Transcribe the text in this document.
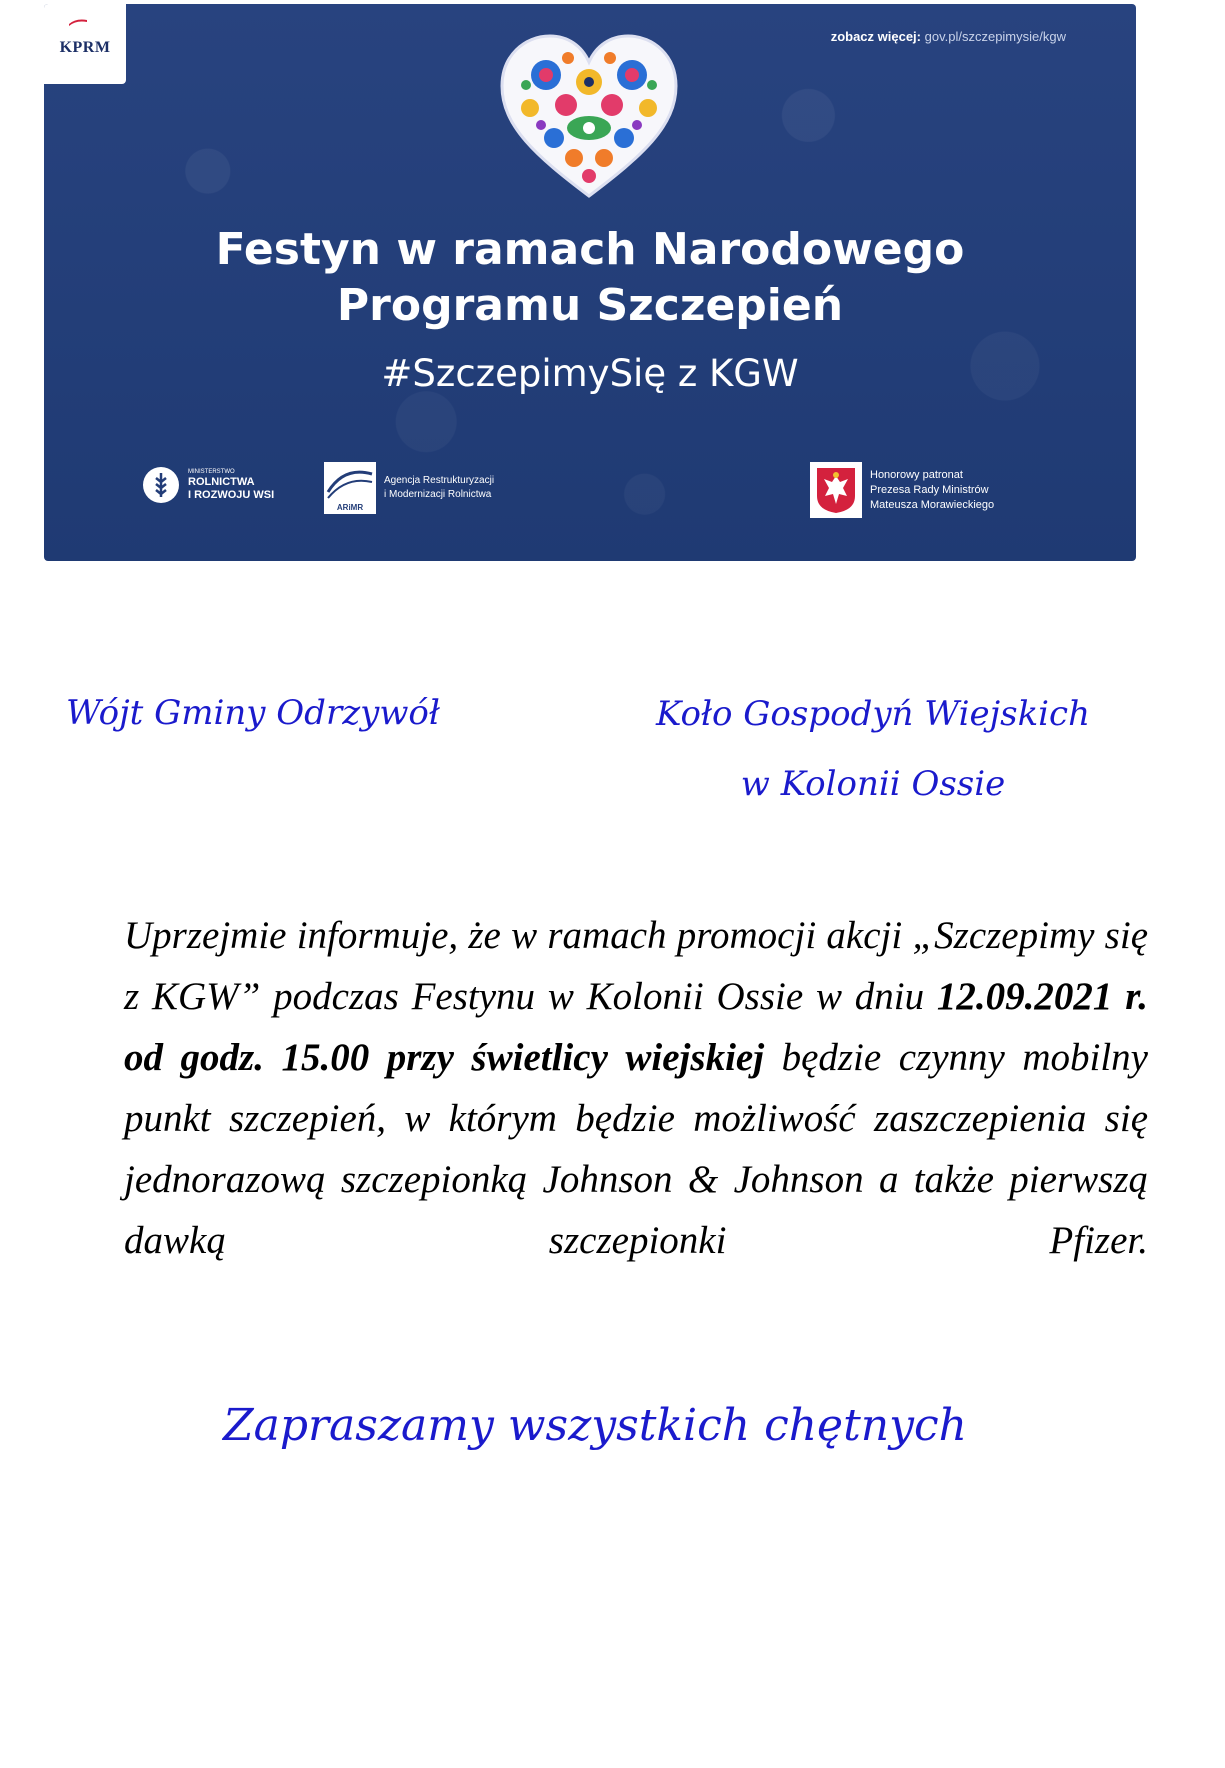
KPRM
zobacz więcej: gov.pl/szczepimysie/kgw
Festyn w ramach Narodowego
Programu Szczepień
#SzczepimySię z KGW
MINISTERSTWO
ROLNICTWA
I ROZWOJU WSI
ARiMR
Agencja Restrukturyzacji
i Modernizacji Rolnictwa
Honorowy patronat
Prezesa Rady Ministrów
Mateusza Morawieckiego
Wójt Gminy Odrzywół	Koło Gospodyń Wiejskich
w Kolonii Ossie
Uprzejmie informuje, że w ramach promocji akcji „Szczepimy się z KGW” podczas Festynu w Kolonii Ossie w dniu 12.09.2021 r. od godz. 15.00 przy świetlicy wiejskiej będzie czynny mobilny punkt szczepień, w którym będzie możliwość zaszczepienia się jednorazową szczepionką Johnson & Johnson a także pierwszą dawką szczepionki Pfizer.
Zapraszamy wszystkich chętnych
